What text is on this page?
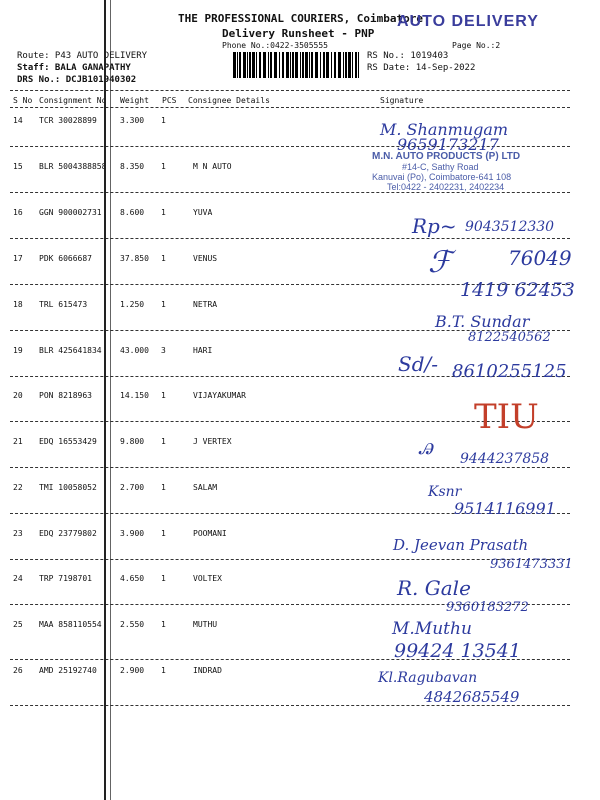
THE PROFESSIONAL COURIERS, Coimbatore
Delivery Runsheet - PNP
Phone No.:0422-3505555
AUTO DELIVERY
Page No.:2
Route: P43 AUTO DELIVERY
Staff: BALA GANAPATHY
DRS No.: DCJB101940302
RS No.: 1019403
RS Date: 14-Sep-2022
S No Consignment No Weight PCS Consignee Details	Signature
14 TCR 30028899	3.300 1
15 BLR 5004388858 8.350 1	M N AUTO
16 GGN 900002731 8.600 1	YUVA
17 PDK 6066687	37.850 1	VENUS
18 TRL 615473	1.250 1	NETRA
19 BLR 425641834 43.000 3	HARI
20 PON 8218963	14.150 1	VIJAYAKUMAR
21 EDQ 16553429	9.800 1	J VERTEX
22 TMI 10058052	2.700 1	SALAM
23 EDQ 23779802	3.900 1	POOMANI
24 TRP 7198701	4.650 1	VOLTEX
25 MAA 858110554 2.550 1	MUTHU
26 AMD 25192740	2.900 1	INDRAD
M. Shanmugam
9659173217
M.N. AUTO PRODUCTS (P) LTD
#14-C, Sathy Road
Kanuvai (Po), Coimbatore-641 108
Tel:0422 - 2402231, 2402234
Rp~ 9043512330
ℱ	76049
1419 62453
B.T. Sundar
8122540562
Sd/- 8610255125
TIU
ꭿ 9444237858
Ksnr
9514116991
D. Jeevan Prasath
9361473331
R. Gale
9360183272
M.Muthu
99424 13541
Kl.Ragubavan
4842685549
